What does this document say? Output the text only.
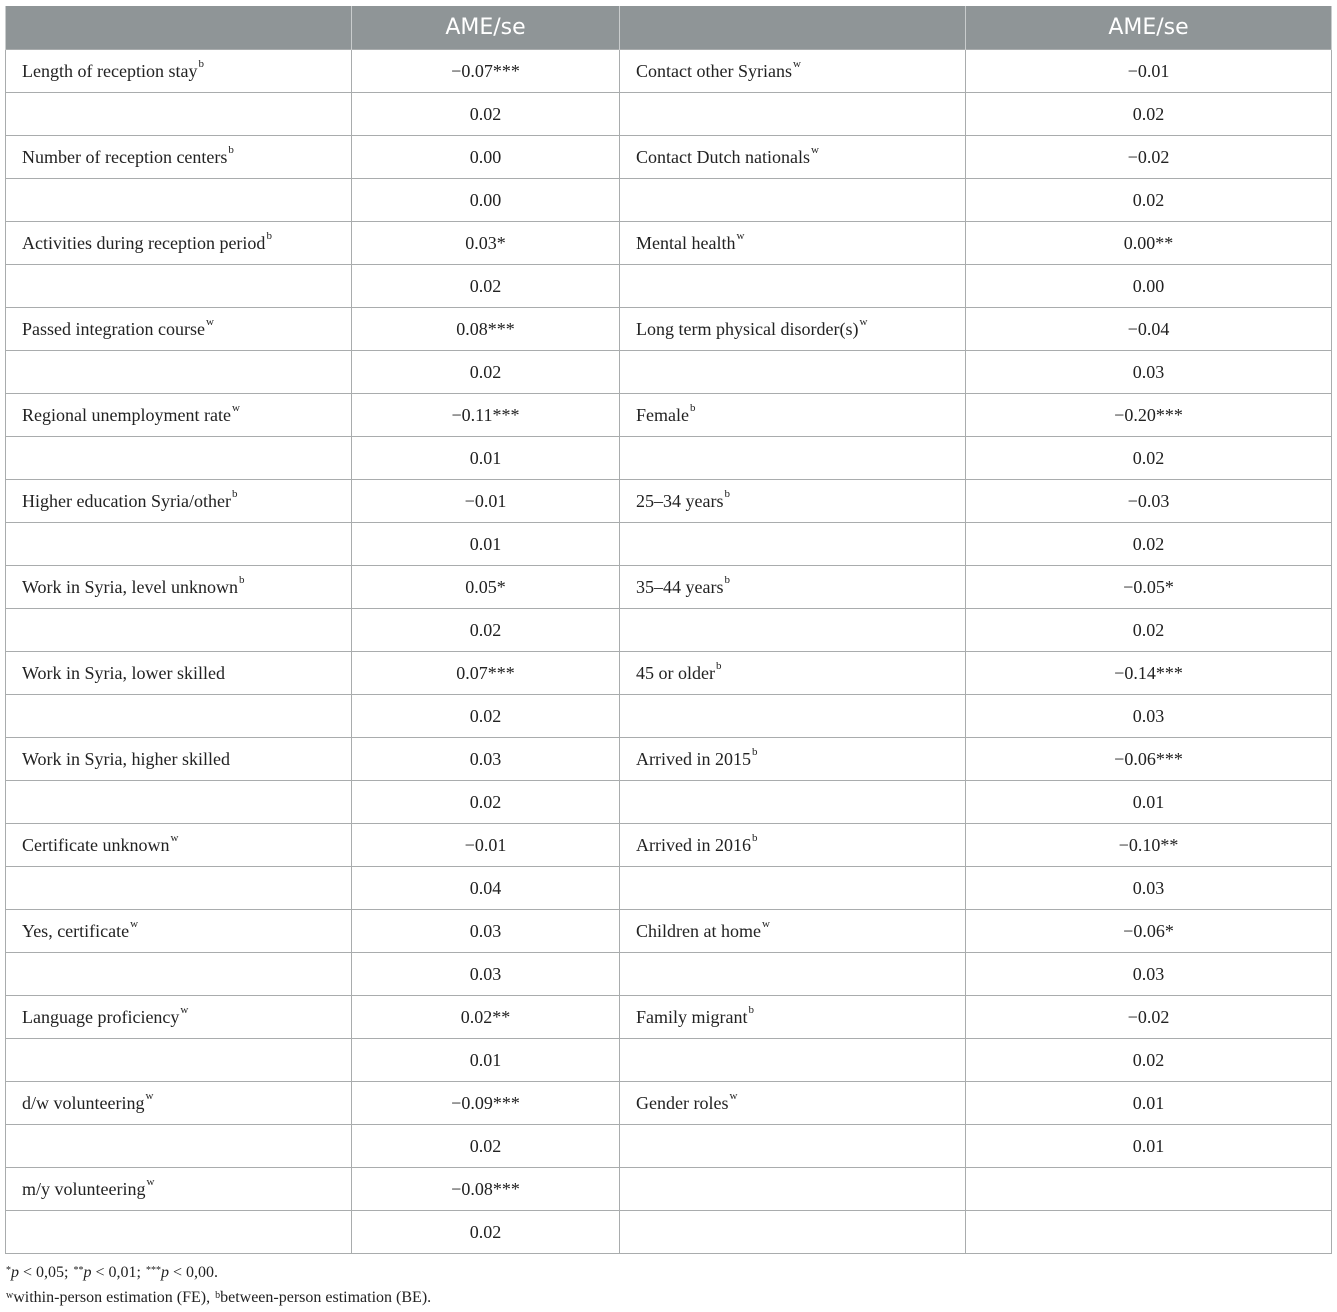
	AME/se		AME/se
Length of reception stay$^b$	−0.07***	Contact other Syrians$^w$	−0.01
	0.02		0.02
Number of reception centers$^b$	0.00	Contact Dutch nationals$^w$	−0.02
	0.00		0.02
Activities during reception period$^b$	0.03*	Mental health$^w$	0.00**
	0.02		0.00
Passed integration course$^w$	0.08***	Long term physical $disorder(s)^w$	−0.04
	0.02		0.03
Regional unemployment rate$^w$	−0.11***	Female$^b$	−0.20***
	0.01		0.02
Higher education Syria/other$^b$	−0.01	25–34 years$^b$	−0.03
	0.01		0.02
Work in Syria, level unknown$^b$	0.05*	35–44 years$^b$	−0.05*
	0.02		0.02
Work in Syria, lower skilled	0.07***	45 or older$^b$	−0.14***
	0.02		0.03
Work in Syria, higher skilled	0.03	Arrived in $2015^b$	−0.06***
	0.02		0.01
Certificate unknown$^w$	−0.01	Arrived in $2016^b$	−0.10**
	0.04		0.03
Yes, certificate$^w$	0.03	Children at home$^w$	−0.06*
	0.03		0.03
Language proficiency$^w$	0.02**	Family migrant$^b$	−0.02
	0.01		0.02
d/w volunteering$^w$	−0.09***	Gender roles$^w$	0.01
	0.02		0.01
m/y volunteering$^w$	−0.08***		
	0.02		
*p < 0,05; **p < 0,01; ***p < 0,00.
$^w$within-person estimation (FE), $^b$between-person estimation (BE).
